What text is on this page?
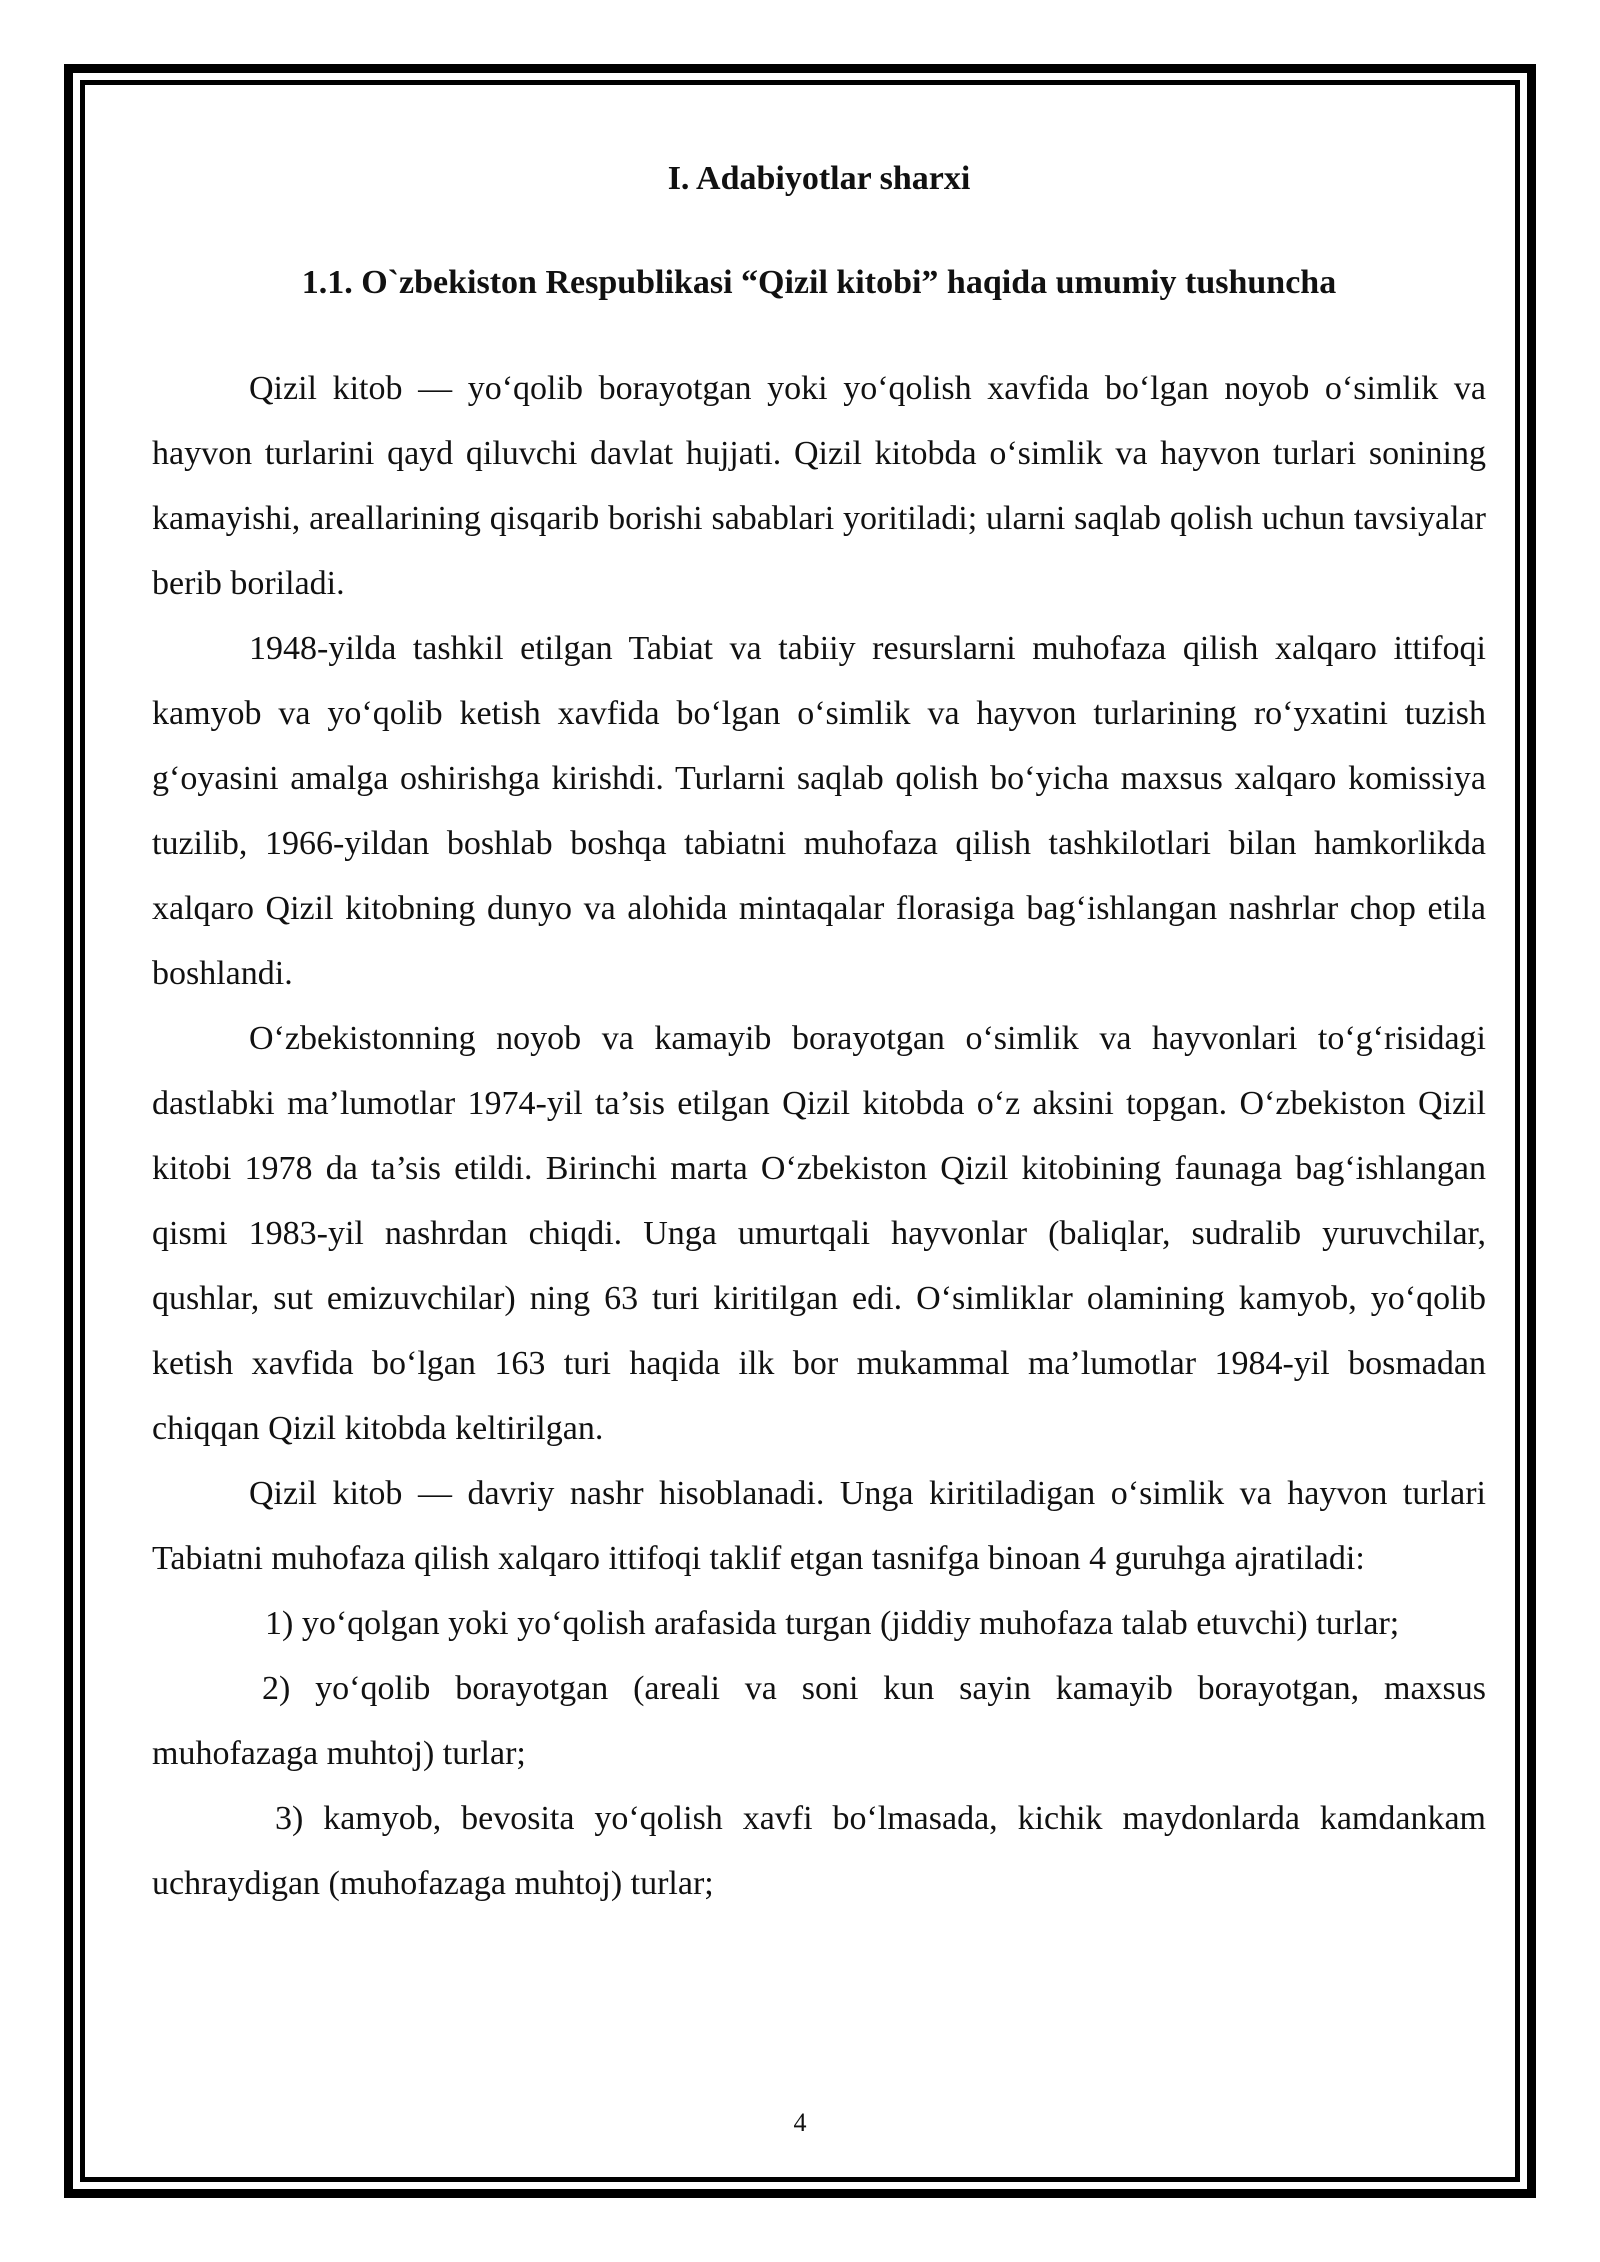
I. Adabiyotlar sharxi

1.1. O`zbekiston Respublikasi “Qizil kitobi” haqida umumiy tushuncha

Qizil kitob — yo‘qolib borayotgan yoki yo‘qolish xavfida bo‘lgan noyob o‘simlik va hayvon turlarini qayd qiluvchi davlat hujjati. Qizil kitobda o‘simlik va hayvon turlari sonining kamayishi, areallarining qisqarib borishi sabablari yoritiladi; ularni saqlab qolish uchun tavsiyalar berib boriladi.

1948-yilda tashkil etilgan Tabiat va tabiiy resurslarni muhofaza qilish xalqaro ittifoqi kamyob va yo‘qolib ketish xavfida bo‘lgan o‘simlik va hayvon turlarining ro‘yxatini tuzish g‘oyasini amalga oshirishga kirishdi. Turlarni saqlab qolish bo‘yicha maxsus xalqaro komissiya tuzilib, 1966-yildan boshlab boshqa tabiatni muhofaza qilish tashkilotlari bilan hamkorlikda xalqaro Qizil kitobning dunyo va alohida mintaqalar florasiga bag‘ishlangan nashrlar chop etila boshlandi.

O‘zbekistonning noyob va kamayib borayotgan o‘simlik va hayvonlari to‘g‘risidagi dastlabki ma’lumotlar 1974-yil ta’sis etilgan Qizil kitobda o‘z aksini topgan. O‘zbekiston Qizil kitobi 1978 da ta’sis etildi. Birinchi marta O‘zbekiston Qizil kitobining faunaga bag‘ishlangan qismi 1983-yil nashrdan chiqdi. Unga umurtqali hayvonlar (baliqlar, sudralib yuruvchilar, qushlar, sut emizuvchilar) ning 63 turi kiritilgan edi. O‘simliklar olamining kamyob, yo‘qolib ketish xavfida bo‘lgan 163 turi haqida ilk bor mukammal ma’lumotlar 1984-yil bosmadan chiqqan Qizil kitobda keltirilgan.

Qizil kitob — davriy nashr hisoblanadi. Unga kiritiladigan o‘simlik va hayvon turlari Tabiatni muhofaza qilish xalqaro ittifoqi taklif etgan tasnifga binoan 4 guruhga ajratiladi:

1) yo‘qolgan yoki yo‘qolish arafasida turgan (jiddiy muhofaza talab etuvchi) turlar;

2) yo‘qolib borayotgan (areali va soni kun sayin kamayib borayotgan, maxsus muhofazaga muhtoj) turlar;

3) kamyob, bevosita yo‘qolish xavfi bo‘lmasada, kichik maydonlarda kamdankam uchraydigan (muhofazaga muhtoj) turlar;

4
